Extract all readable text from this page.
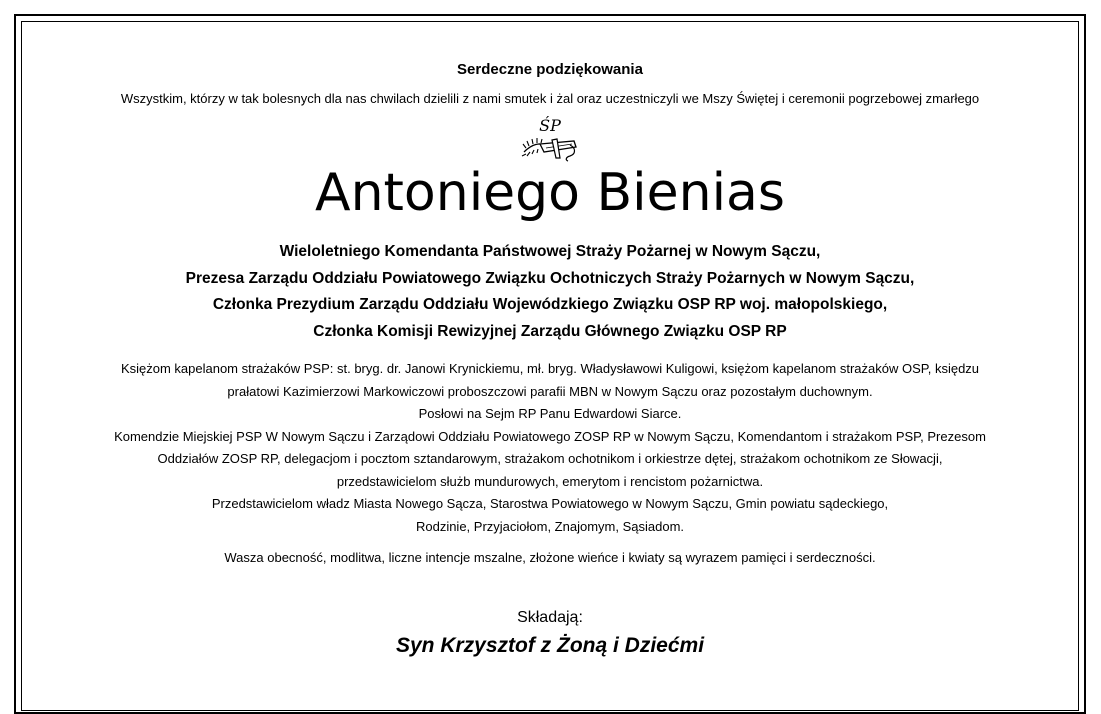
Serdeczne podziękowania
Wszystkim, którzy w tak bolesnych dla nas chwilach dzielili z nami smutek i żal oraz uczestniczyli we Mszy Świętej i ceremonii pogrzebowej zmarłego
ŚP
Antoniego Bienias
Wieloletniego Komendanta Państwowej Straży Pożarnej w Nowym Sączu,
Prezesa Zarządu Oddziału Powiatowego Związku Ochotniczych Straży Pożarnych w Nowym Sączu,
Członka Prezydium Zarządu Oddziału Wojewódzkiego Związku OSP RP woj. małopolskiego,
Członka Komisji Rewizyjnej Zarządu Głównego Związku OSP RP
Księżom kapelanom strażaków PSP: st. bryg. dr. Janowi Krynickiemu, mł. bryg. Władysławowi Kuligowi, księżom kapelanom strażaków OSP, księdzu
prałatowi Kazimierzowi Markowiczowi proboszczowi parafii MBN w Nowym Sączu oraz pozostałym duchownym.
Posłowi na Sejm RP Panu Edwardowi Siarce.
Komendzie Miejskiej PSP W Nowym Sączu i Zarządowi Oddziału Powiatowego ZOSP RP w Nowym Sączu, Komendantom i strażakom PSP, Prezesom
Oddziałów ZOSP RP, delegacjom i pocztom sztandarowym, strażakom ochotnikom i orkiestrze dętej, strażakom ochotnikom ze Słowacji,
przedstawicielom służb mundurowych, emerytom i rencistom pożarnictwa.
Przedstawicielom władz Miasta Nowego Sącza, Starostwa Powiatowego w Nowym Sączu, Gmin powiatu sądeckiego,
Rodzinie, Przyjaciołom, Znajomym, Sąsiadom.
Wasza obecność, modlitwa, liczne intencje mszalne, złożone wieńce i kwiaty są wyrazem pamięci i serdeczności.
Składają:
Syn Krzysztof z Żoną i Dziećmi
